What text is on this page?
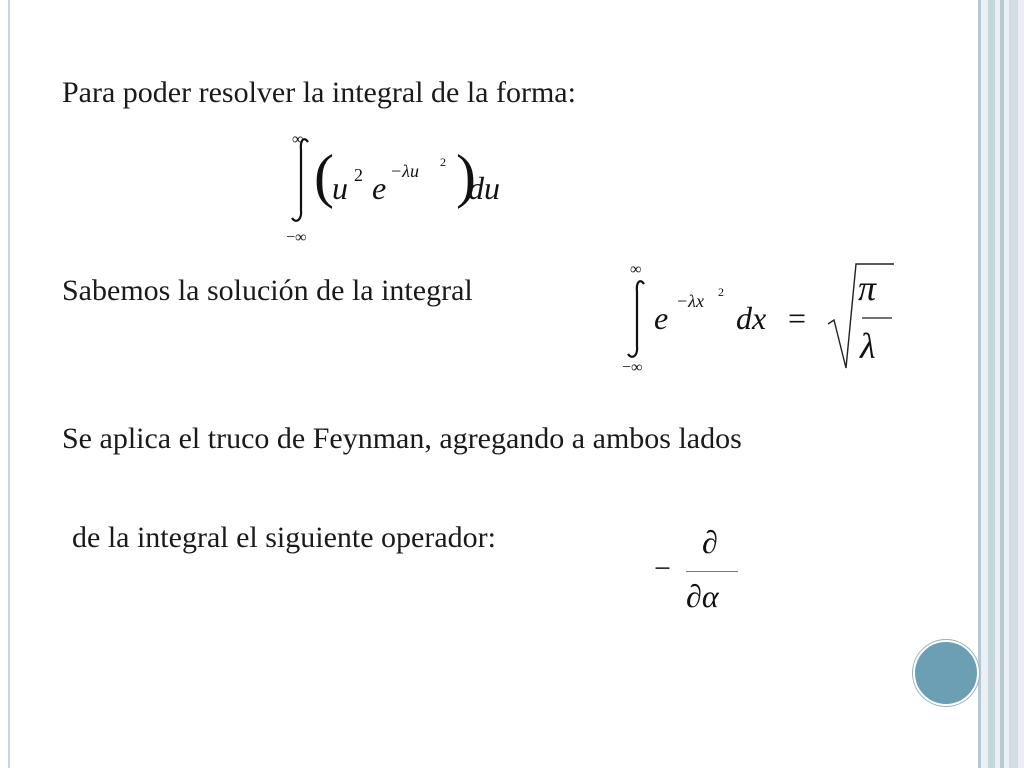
Para poder resolver la integral de la forma:
Sabemos la solución de la integral
Se aplica el truco de Feynman, agregando a ambos lados
de la integral el siguiente operador:
∞
−∞
(
u 2 e −λu 2 )
du
∞
−∞
e −λx 2
dx =
π
λ
−
∂
∂α
